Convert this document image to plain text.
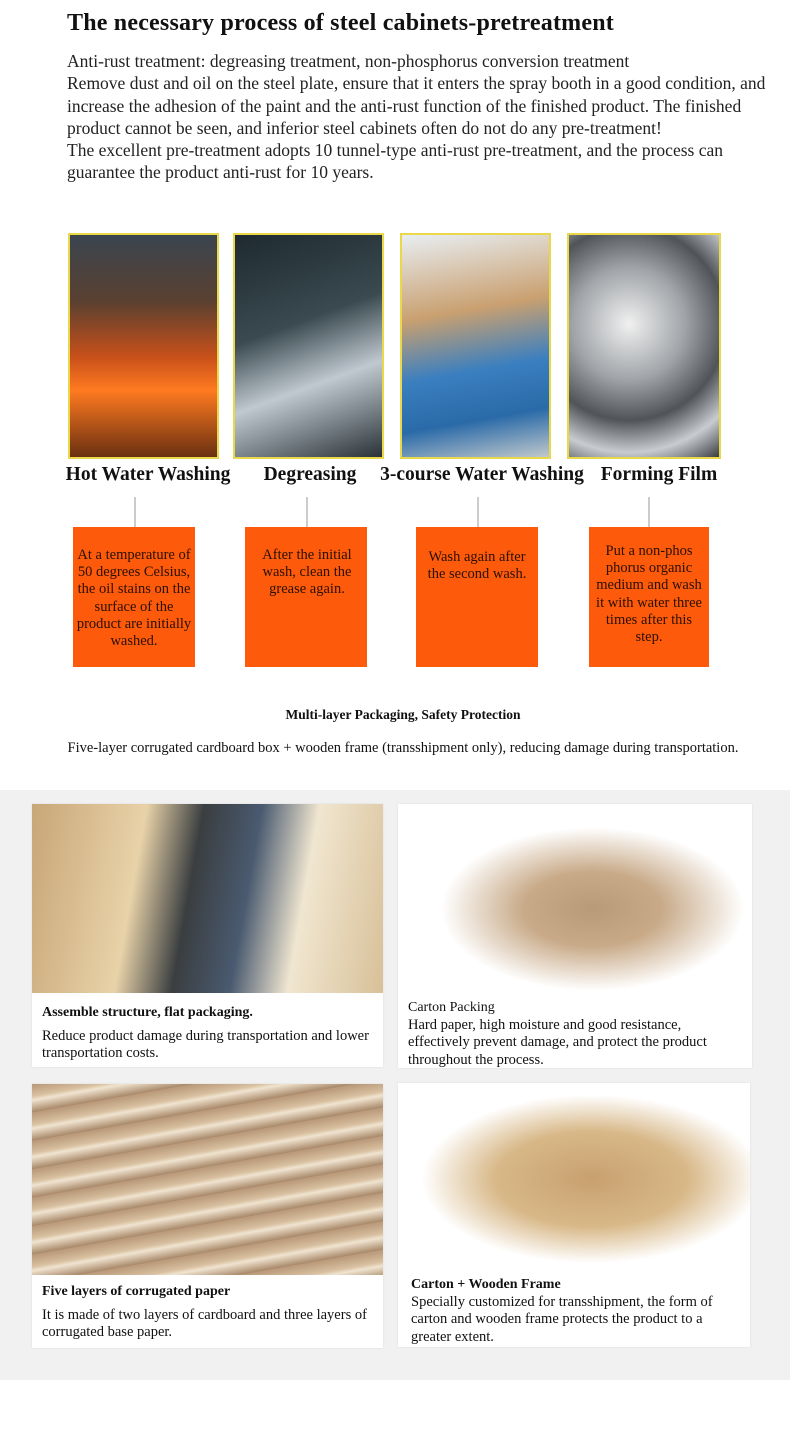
The necessary process of steel cabinets-pretreatment
Anti-rust treatment: degreasing treatment, non-phosphorus conversion treatment
Remove dust and oil on the steel plate, ensure that it enters the spray booth in a good condition, and increase the adhesion of the paint and the anti-rust function of the finished product. The finished product cannot be seen, and inferior steel cabinets often do not do any pre-treatment!
The excellent pre-treatment adopts 10 tunnel-type anti-rust pre-treatment, and the process can guarantee the product anti-rust for 10 years.
Hot Water Washing Degreasing 3-course Water Washing Forming Film
At a temperature of 50 degrees Celsius, the oil stains on the surface of the product are initially washed.
After the initial wash, clean the grease again.
Wash again after the second wash.
Put a non-phos phorus organic medium and wash it with water three times after this step.
Multi-layer Packaging, Safety Protection
Five-layer corrugated cardboard box + wooden frame (transshipment only), reducing damage during transportation.
Assemble structure, flat packaging.
Reduce product damage during transportation and lower transportation costs.
Carton Packing
Hard paper, high moisture and good resistance, effectively prevent damage, and protect the product throughout the process.
Five layers of corrugated paper
It is made of two layers of cardboard and three layers of corrugated base paper.
Carton + Wooden Frame
Specially customized for transshipment, the form of carton and wooden frame protects the product to a greater extent.
